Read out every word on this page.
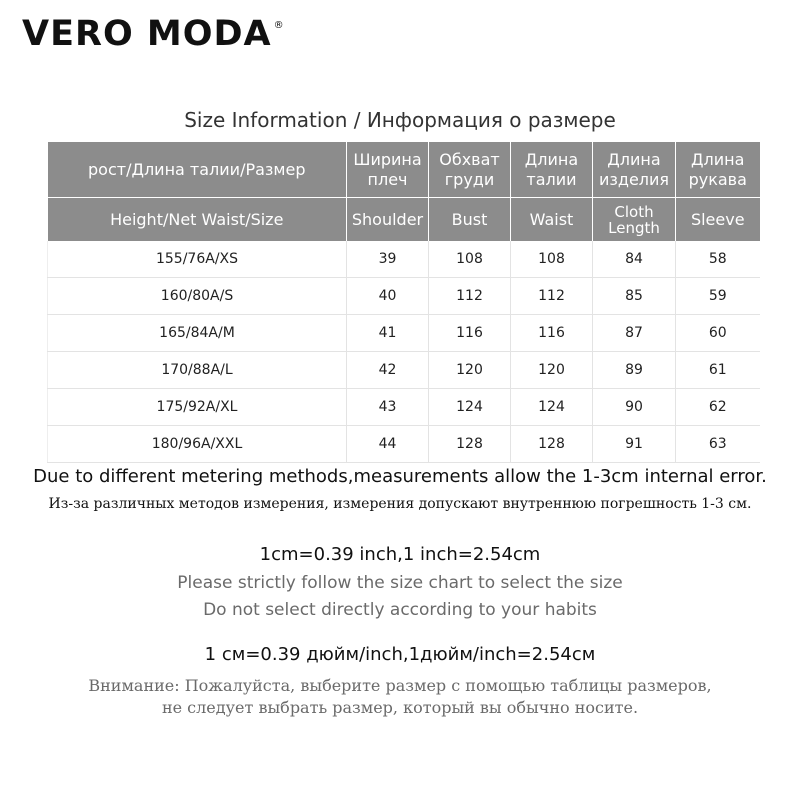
VERO MODA ®
Size Information / Информация о размере
рост/Длина талии/Размер	Ширина плеч	Обхват груди	Длина талии	Длина изделия	Длина рукава
Height/Net Waist/Size	Shoulder	Bust	Waist	Cloth Length	Sleeve
155/76A/XS	39	108	108	84	58
160/80A/S	40	112	112	85	59
165/84A/M	41	116	116	87	60
170/88A/L	42	120	120	89	61
175/92A/XL	43	124	124	90	62
180/96A/XXL	44	128	128	91	63
Due to different metering methods,measurements allow the 1-3cm internal error.
Из-за различных методов измерения, измерения допускают внутреннюю погрешность 1-3 см.
1cm=0.39 inch,1 inch=2.54cm
Please strictly follow the size chart to select the size
Do not select directly according to your habits
1 см=0.39 дюйм/inch,1дюйм/inch=2.54см
Внимание: Пожалуйста, выберите размер с помощью таблицы размеров,
не следует выбрать размер, который вы обычно носите.
